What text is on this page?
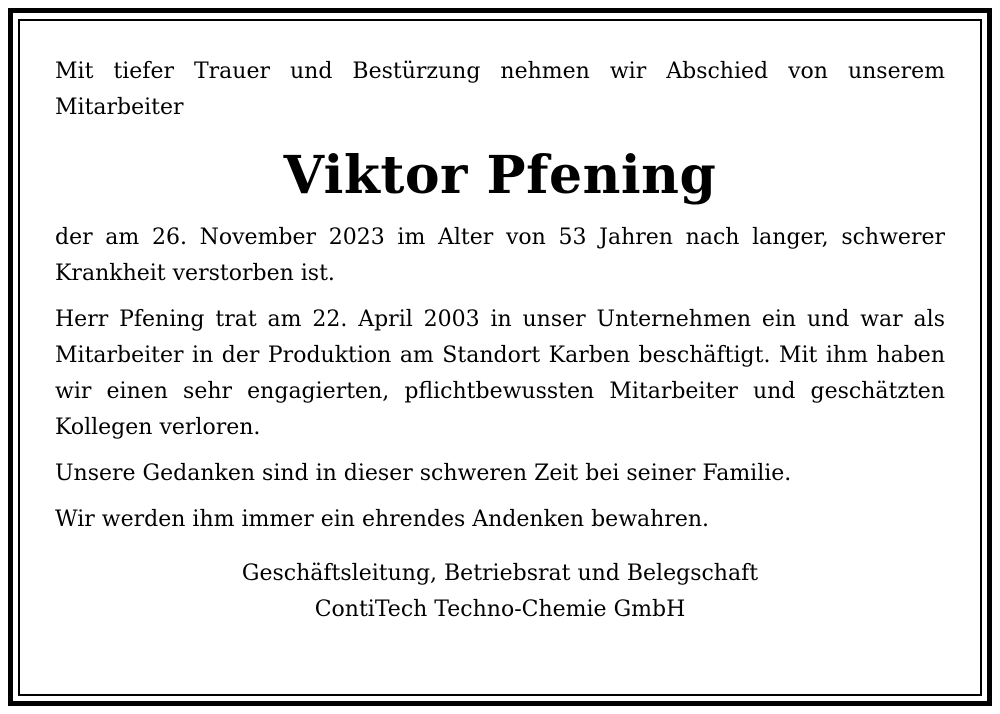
Mit tiefer Trauer und Bestürzung nehmen wir Abschied von unserem Mitarbeiter

Viktor Pfening

der am 26. November 2023 im Alter von 53 Jahren nach langer, schwerer Krankheit verstorben ist.

Herr Pfening trat am 22. April 2003 in unser Unternehmen ein und war als Mitarbeiter in der Produktion am Standort Karben beschäftigt. Mit ihm haben wir einen sehr engagierten, pflichtbewussten Mitarbeiter und geschätzten Kollegen verloren.

Unsere Gedanken sind in dieser schweren Zeit bei seiner Familie.

Wir werden ihm immer ein ehrendes Andenken bewahren.

Geschäftsleitung, Betriebsrat und Belegschaft
ContiTech Techno-Chemie GmbH
